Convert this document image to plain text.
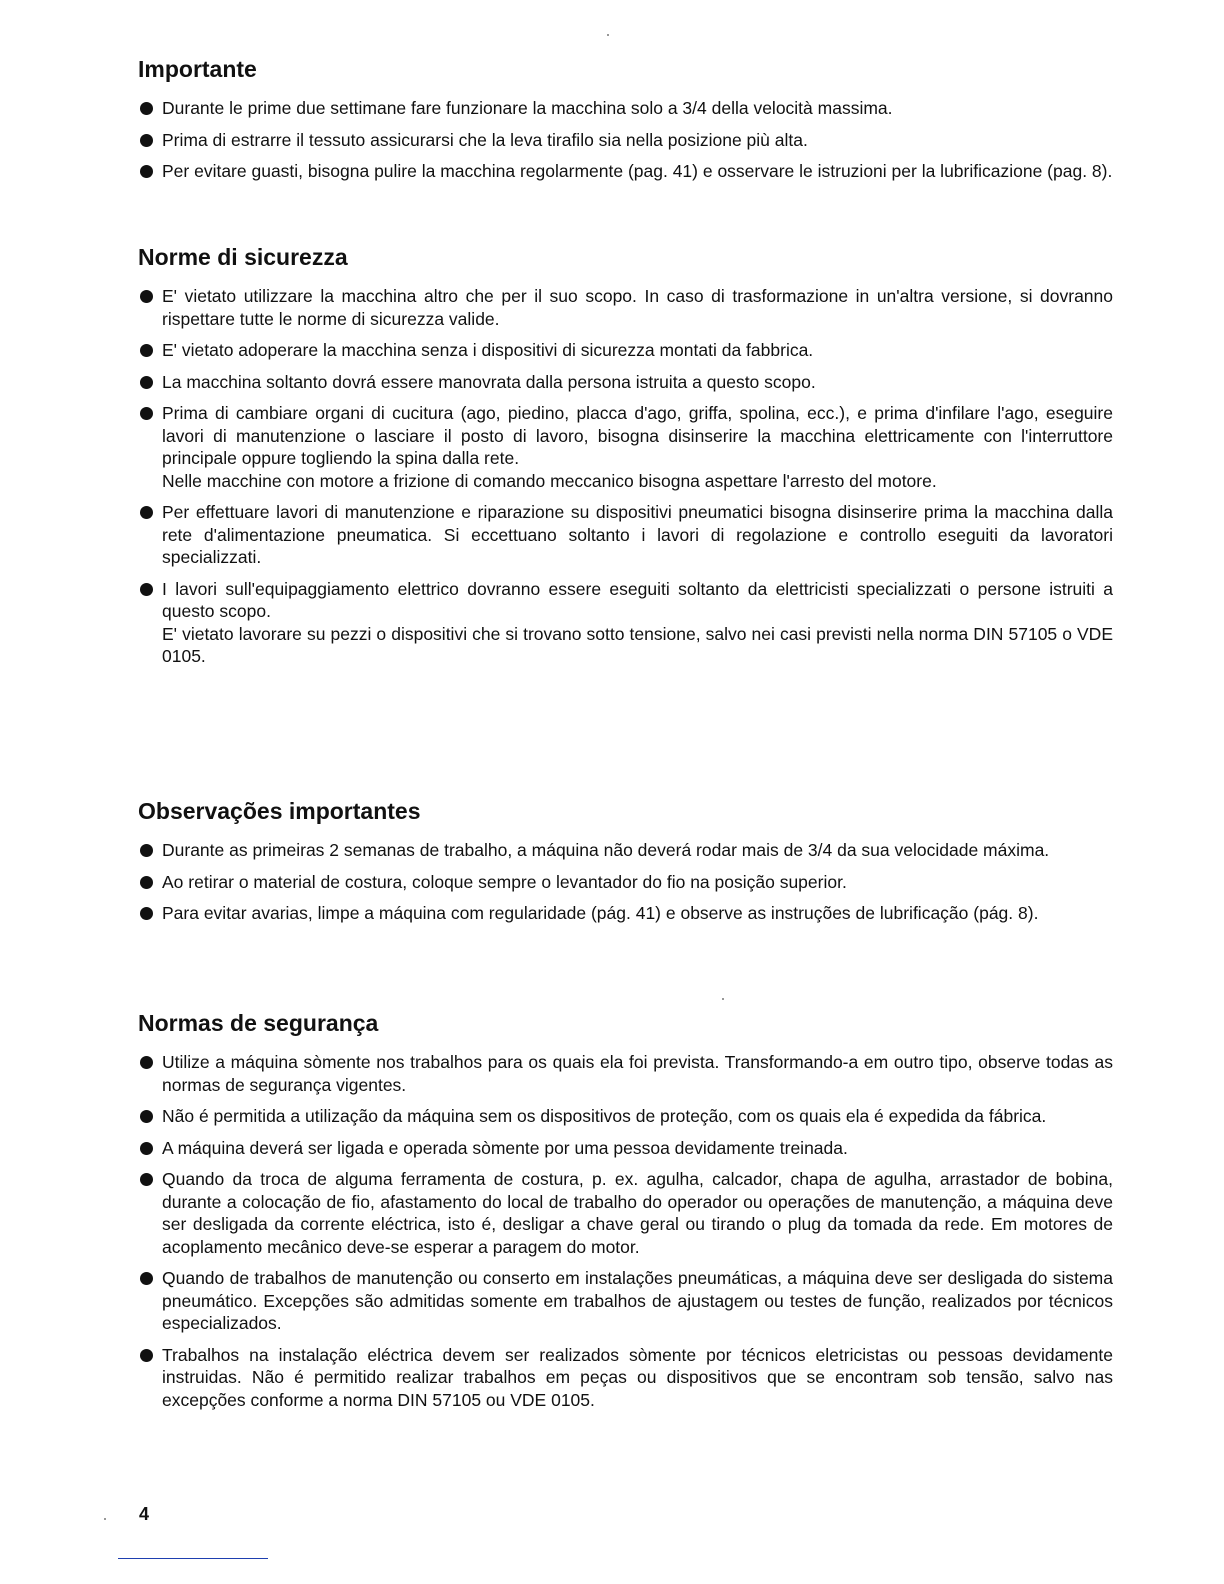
Importante

Durante le prime due settimane fare funzionare la macchina solo a 3/4 della velocità massima.

Prima di estrarre il tessuto assicurarsi che la leva tirafilo sia nella posizione più alta.

Per evitare guasti, bisogna pulire la macchina regolarmente (pag. 41) e osservare le istruzioni per la lubrificazione (pag. 8).

Norme di sicurezza

E' vietato utilizzare la macchina altro che per il suo scopo. In caso di trasformazione in un'altra versione, si dovranno rispettare tutte le norme di sicurezza valide.

E' vietato adoperare la macchina senza i dispositivi di sicurezza montati da fabbrica.

La macchina soltanto dovrá essere manovrata dalla persona istruita a questo scopo.

Prima di cambiare organi di cucitura (ago, piedino, placca d'ago, griffa, spolina, ecc.), e prima d'infilare l'ago, eseguire lavori di manutenzione o lasciare il posto di lavoro, bisogna disinserire la macchina elettricamente con l'interruttore principale oppure togliendo la spina dalla rete.

Nelle macchine con motore a frizione di comando meccanico bisogna aspettare l'arresto del motore.

Per effettuare lavori di manutenzione e riparazione su dispositivi pneumatici bisogna disinserire prima la macchina dalla rete d'alimentazione pneumatica. Si eccettuano soltanto i lavori di regolazione e controllo eseguiti da lavoratori specializzati.

I lavori sull'equipaggiamento elettrico dovranno essere eseguiti soltanto da elettricisti specializzati o persone istruiti a questo scopo.

E' vietato lavorare su pezzi o dispositivi che si trovano sotto tensione, salvo nei casi previsti nella norma DIN 57105 o VDE 0105.

Observações importantes

Durante as primeiras 2 semanas de trabalho, a máquina não deverá rodar mais de 3/4 da sua velocidade máxima.

Ao retirar o material de costura, coloque sempre o levantador do fio na posição superior.

Para evitar avarias, limpe a máquina com regularidade (pág. 41) e observe as instruções de lubrificação (pág. 8).

Normas de segurança

Utilize a máquina sòmente nos trabalhos para os quais ela foi prevista. Transformando-a em outro tipo, observe todas as normas de segurança vigentes.

Não é permitida a utilização da máquina sem os dispositivos de proteção, com os quais ela é expedida da fábrica.

A máquina deverá ser ligada e operada sòmente por uma pessoa devidamente treinada.

Quando da troca de alguma ferramenta de costura, p. ex. agulha, calcador, chapa de agulha, arrastador de bobina, durante a colocação de fio, afastamento do local de trabalho do operador ou operações de manutenção, a máquina deve ser desligada da corrente eléctrica, isto é, desligar a chave geral ou tirando o plug da tomada da rede. Em motores de acoplamento mecânico deve-se esperar a paragem do motor.

Quando de trabalhos de manutenção ou conserto em instalações pneumáticas, a máquina deve ser desligada do sistema pneumático. Excepções são admitidas somente em trabalhos de ajustagem ou testes de função, realizados por técnicos especializados.

Trabalhos na instalação eléctrica devem ser realizados sòmente por técnicos eletricistas ou pessoas devidamente instruidas. Não é permitido realizar trabalhos em peças ou dispositivos que se encontram sob tensão, salvo nas excepções conforme a norma DIN 57105 ou VDE 0105.

4
